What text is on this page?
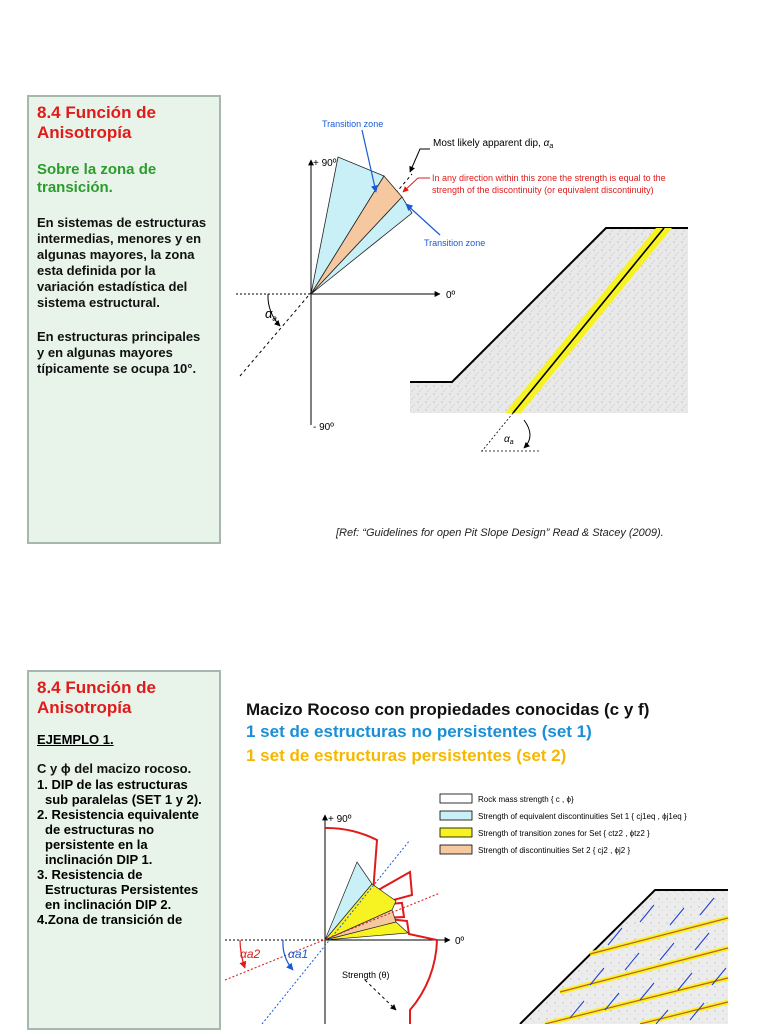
8.4 Función de Anisotropía
Sobre la zona de transición.
En sistemas de estructuras intermedias, menores y en algunas mayores, la zona esta definida por la variación estadística del sistema estructural.
En estructuras principales y en algunas mayores típicamente se ocupa 10°.
[Ref: “Guidelines for open Pit Slope Design” Read & Stacey (2009).
8.4 Función de Anisotropía
EJEMPLO 1.
C y ϕ del macizo rocoso.
1. DIP de las estructuras sub paralelas (SET 1 y 2).
2. Resistencia equivalente de estructuras no persistente en la inclinación DIP 1.
3. Resistencia de Estructuras Persistentes en inclinación DIP 2.
4.Zona de transición de
Macizo Rocoso con propiedades conocidas (c y f)
1 set de estructuras no persistentes (set 1)
1 set de estructuras persistentes (set 2)
+ 90º
- 90º
0º
$\alpha_a$
Transition zone
Transition zone
Most likely apparent dip, $\alpha_a$
In any direction within this zone the strength is equal to the
strength of the discontinuity (or equivalent discontinuity)
$\alpha_a$
+ 90º
0º
αa2 αa1
Strength (θ)
Rock mass strength { c , ϕ}
Strength of equivalent discontinuities Set 1 { cj1eq , ϕj1eq }
Strength of transition zones for Set { ctz2 , ϕtz2 }
Strength of discontinuities Set 2 { cj2 , ϕj2 }
